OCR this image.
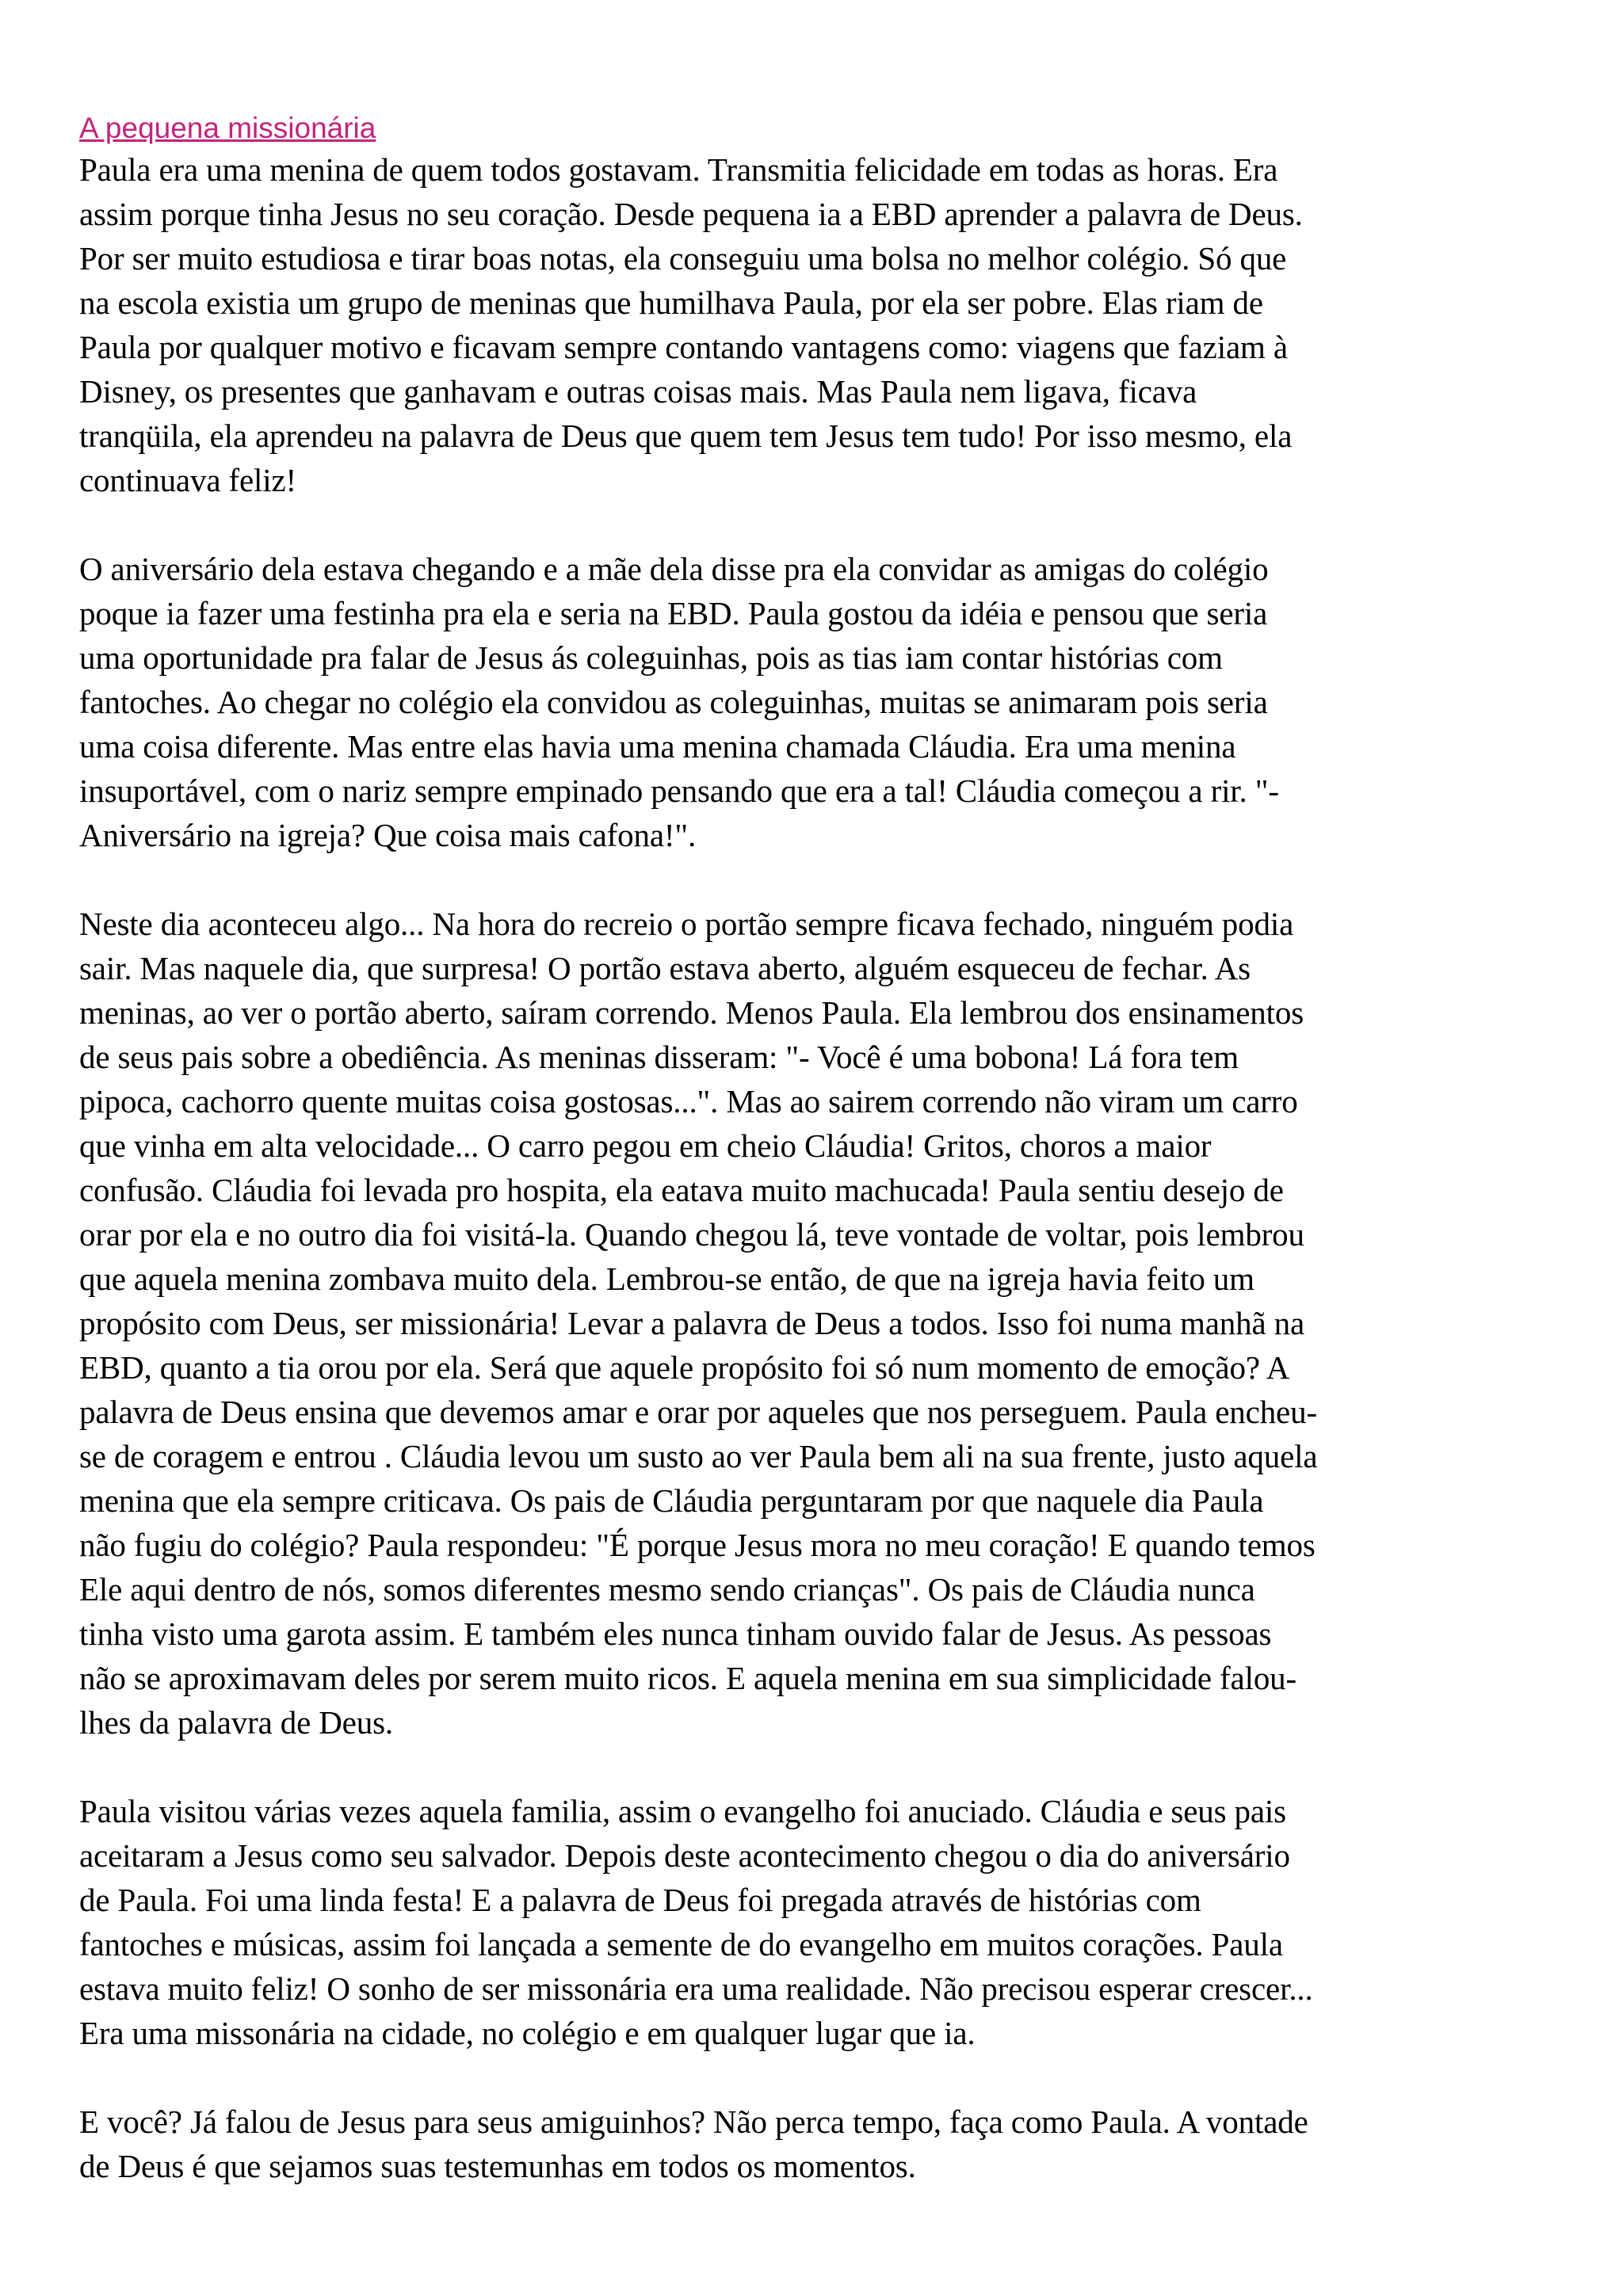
A pequena missionária

Paula era uma menina de quem todos gostavam. Transmitia felicidade em todas as horas. Era
assim porque tinha Jesus no seu coração. Desde pequena ia a EBD aprender a palavra de Deus.
Por ser muito estudiosa e tirar boas notas, ela conseguiu uma bolsa no melhor colégio. Só que
na escola existia um grupo de meninas que humilhava Paula, por ela ser pobre. Elas riam de
Paula por qualquer motivo e ficavam sempre contando vantagens como: viagens que faziam à
Disney, os presentes que ganhavam e outras coisas mais. Mas Paula nem ligava, ficava
tranqüila, ela aprendeu na palavra de Deus que quem tem Jesus tem tudo! Por isso mesmo, ela
continuava feliz!

O aniversário dela estava chegando e a mãe dela disse pra ela convidar as amigas do colégio
poque ia fazer uma festinha pra ela e seria na EBD. Paula gostou da idéia e pensou que seria
uma oportunidade pra falar de Jesus ás coleguinhas, pois as tias iam contar histórias com
fantoches. Ao chegar no colégio ela convidou as coleguinhas, muitas se animaram pois seria
uma coisa diferente. Mas entre elas havia uma menina chamada Cláudia. Era uma menina
insuportável, com o nariz sempre empinado pensando que era a tal! Cláudia começou a rir. "-
Aniversário na igreja? Que coisa mais cafona!".

Neste dia aconteceu algo... Na hora do recreio o portão sempre ficava fechado, ninguém podia
sair. Mas naquele dia, que surpresa! O portão estava aberto, alguém esqueceu de fechar. As
meninas, ao ver o portão aberto, saíram correndo. Menos Paula. Ela lembrou dos ensinamentos
de seus pais sobre a obediência. As meninas disseram: "- Você é uma bobona! Lá fora tem
pipoca, cachorro quente muitas coisa gostosas...". Mas ao sairem correndo não viram um carro
que vinha em alta velocidade... O carro pegou em cheio Cláudia! Gritos, choros a maior
confusão. Cláudia foi levada pro hospita, ela eatava muito machucada! Paula sentiu desejo de
orar por ela e no outro dia foi visitá-la. Quando chegou lá, teve vontade de voltar, pois lembrou
que aquela menina zombava muito dela. Lembrou-se então, de que na igreja havia feito um
propósito com Deus, ser missionária! Levar a palavra de Deus a todos. Isso foi numa manhã na
EBD, quanto a tia orou por ela. Será que aquele propósito foi só num momento de emoção? A
palavra de Deus ensina que devemos amar e orar por aqueles que nos perseguem. Paula encheu-
se de coragem e entrou . Cláudia levou um susto ao ver Paula bem ali na sua frente, justo aquela
menina que ela sempre criticava. Os pais de Cláudia perguntaram por que naquele dia Paula
não fugiu do colégio? Paula respondeu: "É porque Jesus mora no meu coração! E quando temos
Ele aqui dentro de nós, somos diferentes mesmo sendo crianças". Os pais de Cláudia nunca
tinha visto uma garota assim. E também eles nunca tinham ouvido falar de Jesus. As pessoas
não se aproximavam deles por serem muito ricos. E aquela menina em sua simplicidade falou-
lhes da palavra de Deus.

Paula visitou várias vezes aquela familia, assim o evangelho foi anuciado. Cláudia e seus pais
aceitaram a Jesus como seu salvador. Depois deste acontecimento chegou o dia do aniversário
de Paula. Foi uma linda festa! E a palavra de Deus foi pregada através de histórias com
fantoches e músicas, assim foi lançada a semente de do evangelho em muitos corações. Paula
estava muito feliz! O sonho de ser missonária era uma realidade. Não precisou esperar crescer...
Era uma missonária na cidade, no colégio e em qualquer lugar que ia.

E você? Já falou de Jesus para seus amiguinhos? Não perca tempo, faça como Paula. A vontade
de Deus é que sejamos suas testemunhas em todos os momentos.
